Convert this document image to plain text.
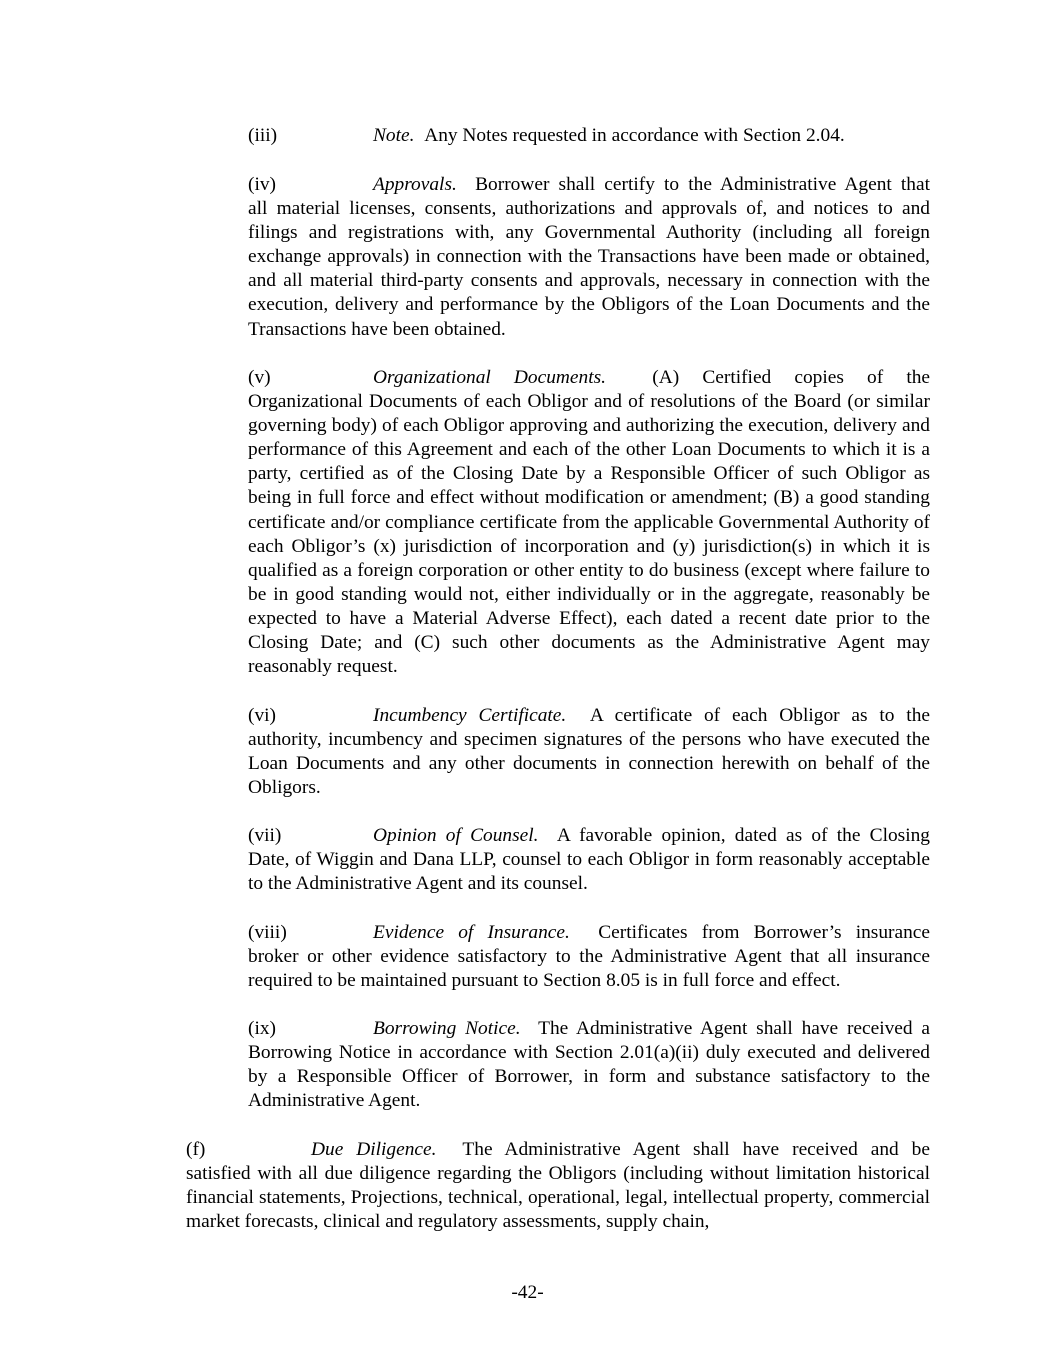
(iii)	Note. Any Notes requested in accordance with Section 2.04.
(iv)	Approvals. Borrower shall certify to the Administrative Agent that
all material licenses, consents, authorizations and approvals of, and notices to and filings and registrations with, any Governmental Authority (including all foreign exchange approvals) in connection with the Transactions have been made or obtained, and all material third-party consents and approvals, necessary in connection with the execution, delivery and performance by the Obligors of the Loan Documents and the Transactions have been obtained.
(v)	Organizational Documents. (A) Certified copies of the
Organizational Documents of each Obligor and of resolutions of the Board (or similar governing body) of each Obligor approving and authorizing the execution, delivery and performance of this Agreement and each of the other Loan Documents to which it is a party, certified as of the Closing Date by a Responsible Officer of such Obligor as being in full force and effect without modification or amendment; (B) a good standing certificate and/or compliance certificate from the applicable Governmental Authority of each Obligor’s (x) jurisdiction of incorporation and (y) jurisdiction(s) in which it is qualified as a foreign corporation or other entity to do business (except where failure to be in good standing would not, either individually or in the aggregate, reasonably be expected to have a Material Adverse Effect), each dated a recent date prior to the Closing Date; and (C) such other documents as the Administrative Agent may reasonably request.
(vi)	Incumbency Certificate. A certificate of each Obligor as to the
authority, incumbency and specimen signatures of the persons who have executed the Loan Documents and any other documents in connection herewith on behalf of the Obligors.
(vii)	Opinion of Counsel. A favorable opinion, dated as of the Closing
Date, of Wiggin and Dana LLP, counsel to each Obligor in form reasonably acceptable to the Administrative Agent and its counsel.
(viii)	Evidence of Insurance. Certificates from Borrower’s insurance
broker or other evidence satisfactory to the Administrative Agent that all insurance required to be maintained pursuant to Section 8.05 is in full force and effect.
(ix)	Borrowing Notice. The Administrative Agent shall have received a
Borrowing Notice in accordance with Section 2.01(a)(ii) duly executed and delivered by a Responsible Officer of Borrower, in form and substance satisfactory to the Administrative Agent.
(f)	Due Diligence. The Administrative Agent shall have received and be
satisfied with all due diligence regarding the Obligors (including without limitation historical financial statements, Projections, technical, operational, legal, intellectual property, commercial market forecasts, clinical and regulatory assessments, supply chain,
-42-
